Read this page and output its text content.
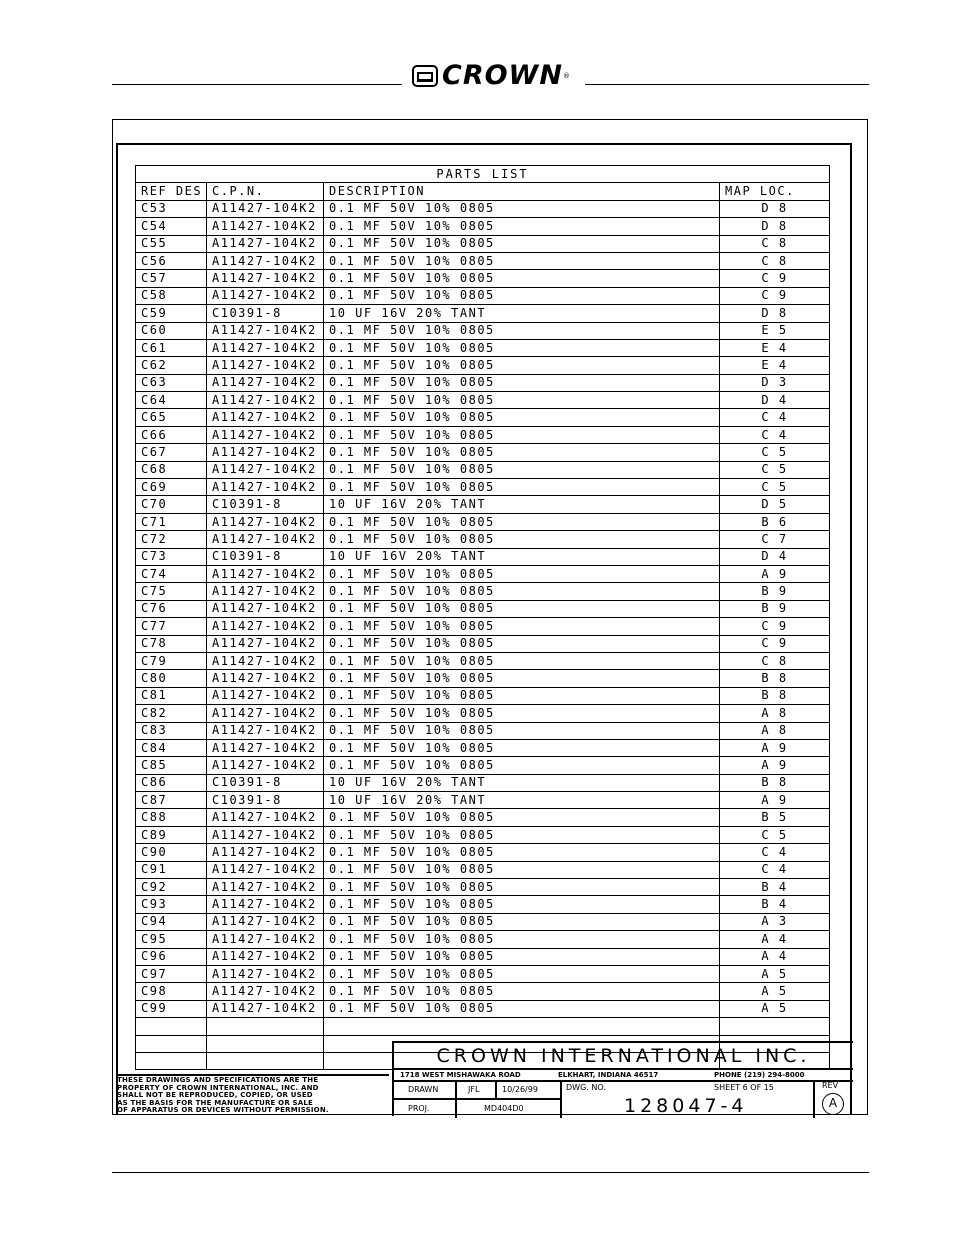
CROWN ®
PARTS LIST			
REF DES	C.P.N.	DESCRIPTION	MAP LOC.
C53	A11427-104K2	0.1 MF 50V 10% 0805	D 8
C54	A11427-104K2	0.1 MF 50V 10% 0805	D 8
C55	A11427-104K2	0.1 MF 50V 10% 0805	C 8
C56	A11427-104K2	0.1 MF 50V 10% 0805	C 8
C57	A11427-104K2	0.1 MF 50V 10% 0805	C 9
C58	A11427-104K2	0.1 MF 50V 10% 0805	C 9
C59	C10391-8	10 UF 16V 20% TANT	D 8
C60	A11427-104K2	0.1 MF 50V 10% 0805	E 5
C61	A11427-104K2	0.1 MF 50V 10% 0805	E 4
C62	A11427-104K2	0.1 MF 50V 10% 0805	E 4
C63	A11427-104K2	0.1 MF 50V 10% 0805	D 3
C64	A11427-104K2	0.1 MF 50V 10% 0805	D 4
C65	A11427-104K2	0.1 MF 50V 10% 0805	C 4
C66	A11427-104K2	0.1 MF 50V 10% 0805	C 4
C67	A11427-104K2	0.1 MF 50V 10% 0805	C 5
C68	A11427-104K2	0.1 MF 50V 10% 0805	C 5
C69	A11427-104K2	0.1 MF 50V 10% 0805	C 5
C70	C10391-8	10 UF 16V 20% TANT	D 5
C71	A11427-104K2	0.1 MF 50V 10% 0805	B 6
C72	A11427-104K2	0.1 MF 50V 10% 0805	C 7
C73	C10391-8	10 UF 16V 20% TANT	D 4
C74	A11427-104K2	0.1 MF 50V 10% 0805	A 9
C75	A11427-104K2	0.1 MF 50V 10% 0805	B 9
C76	A11427-104K2	0.1 MF 50V 10% 0805	B 9
C77	A11427-104K2	0.1 MF 50V 10% 0805	C 9
C78	A11427-104K2	0.1 MF 50V 10% 0805	C 9
C79	A11427-104K2	0.1 MF 50V 10% 0805	C 8
C80	A11427-104K2	0.1 MF 50V 10% 0805	B 8
C81	A11427-104K2	0.1 MF 50V 10% 0805	B 8
C82	A11427-104K2	0.1 MF 50V 10% 0805	A 8
C83	A11427-104K2	0.1 MF 50V 10% 0805	A 8
C84	A11427-104K2	0.1 MF 50V 10% 0805	A 9
C85	A11427-104K2	0.1 MF 50V 10% 0805	A 9
C86	C10391-8	10 UF 16V 20% TANT	B 8
C87	C10391-8	10 UF 16V 20% TANT	A 9
C88	A11427-104K2	0.1 MF 50V 10% 0805	B 5
C89	A11427-104K2	0.1 MF 50V 10% 0805	C 5
C90	A11427-104K2	0.1 MF 50V 10% 0805	C 4
C91	A11427-104K2	0.1 MF 50V 10% 0805	C 4
C92	A11427-104K2	0.1 MF 50V 10% 0805	B 4
C93	A11427-104K2	0.1 MF 50V 10% 0805	B 4
C94	A11427-104K2	0.1 MF 50V 10% 0805	A 3
C95	A11427-104K2	0.1 MF 50V 10% 0805	A 4
C96	A11427-104K2	0.1 MF 50V 10% 0805	A 4
C97	A11427-104K2	0.1 MF 50V 10% 0805	A 5
C98	A11427-104K2	0.1 MF 50V 10% 0805	A 5
C99	A11427-104K2	0.1 MF 50V 10% 0805	A 5

THESE DRAWINGS AND SPECIFICATIONS ARE THE
PROPERTY OF CROWN INTERNATIONAL, INC. AND
SHALL NOT BE REPRODUCED, COPIED, OR USED
AS THE BASIS FOR THE MANUFACTURE OR SALE
OF APPARATUS OR DEVICES WITHOUT PERMISSION.
CROWN INTERNATIONAL INC.
1718 WEST MISHAWAKA ROAD	ELKHART, INDIANA 46517	PHONE (219) 294-8000
DRAWN	JFL	10/26/99	DWG. NO.	SHEET 6 OF 15	REV
A
PROJ.	MD404D0	128047-4
